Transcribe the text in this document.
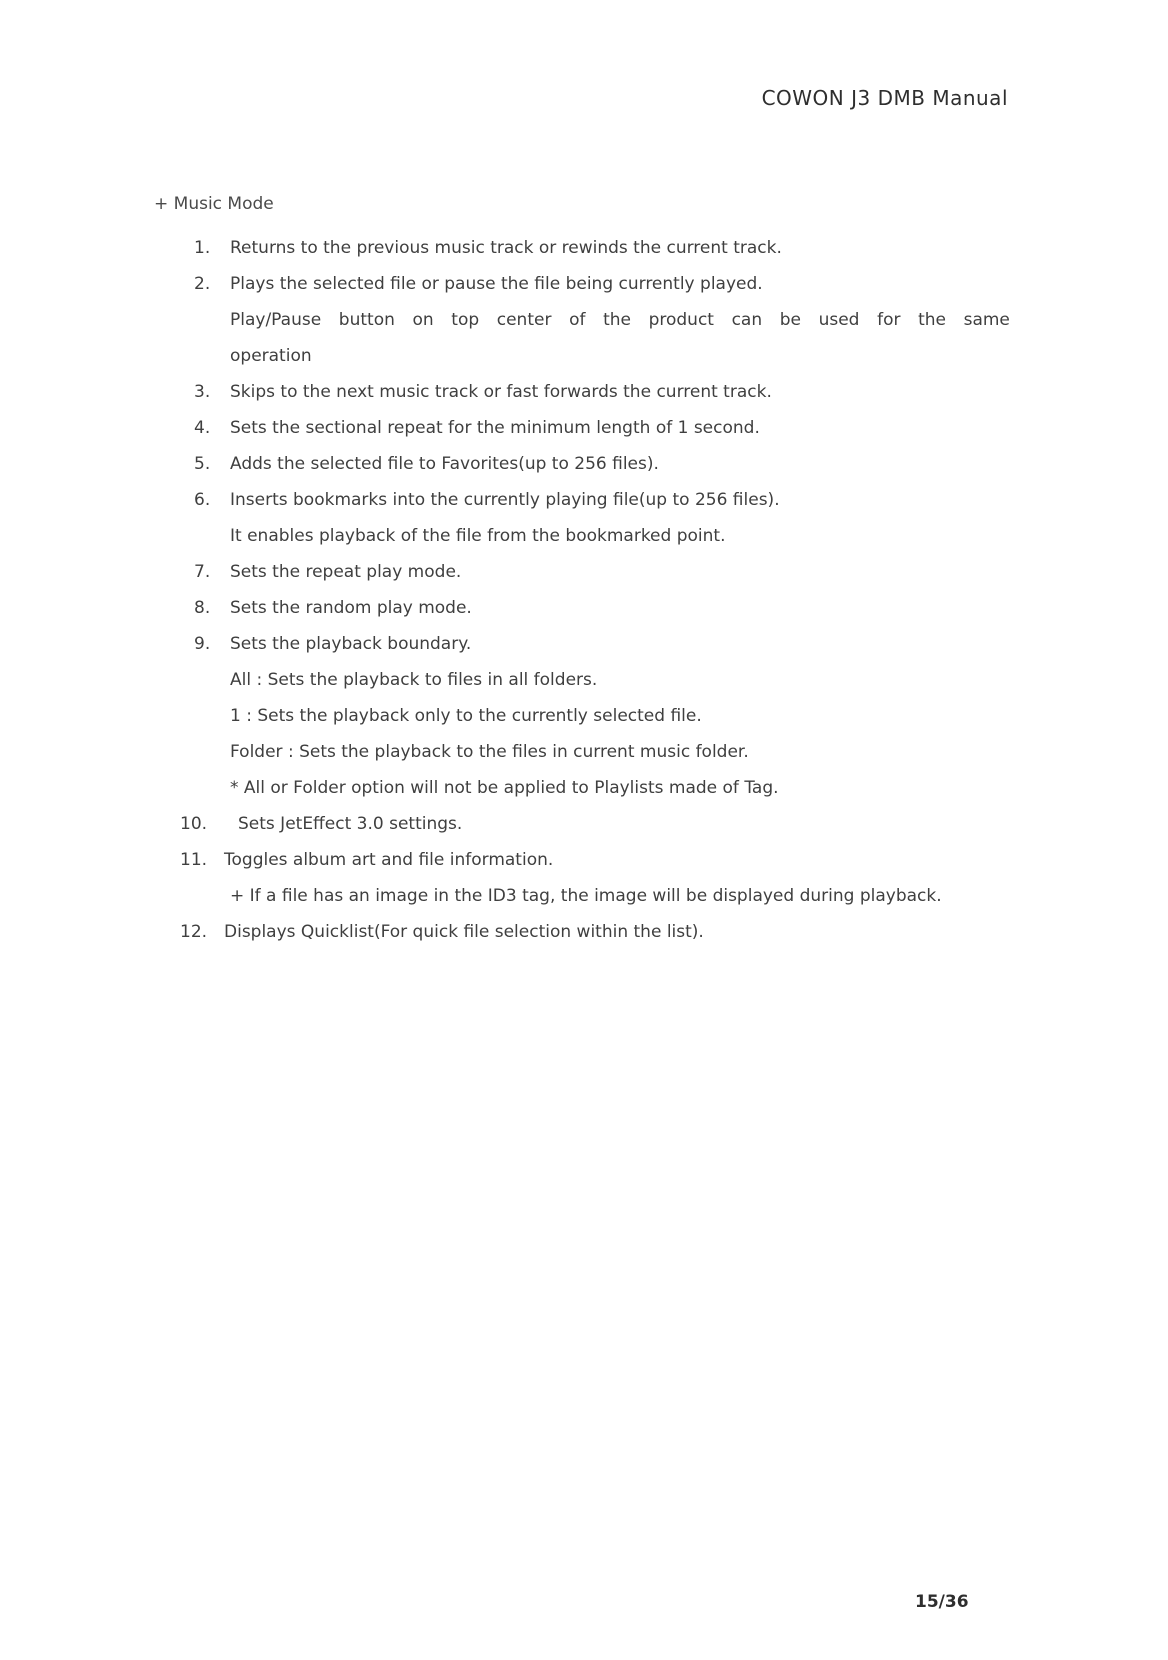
COWON J3 DMB Manual
+ Music Mode
1.	Returns to the previous music track or rewinds the current track.
2.	Plays the selected file or pause the file being currently played.
Play/Pause button on top center of the product can be used for the same
operation
3.	Skips to the next music track or fast forwards the current track.
4.	Sets the sectional repeat for the minimum length of 1 second.
5.	Adds the selected file to Favorites(up to 256 files).
6.	Inserts bookmarks into the currently playing file(up to 256 files).
It enables playback of the file from the bookmarked point.
7.	Sets the repeat play mode.
8.	Sets the random play mode.
9.	Sets the playback boundary.
All : Sets the playback to files in all folders.
1 : Sets the playback only to the currently selected file.
Folder : Sets the playback to the files in current music folder.
* All or Folder option will not be applied to Playlists made of Tag.
10. Sets JetEffect 3.0 settings.
11. Toggles album art and file information.
+ If a file has an image in the ID3 tag, the image will be displayed during playback.
12. Displays Quicklist(For quick file selection within the list).
15/36
